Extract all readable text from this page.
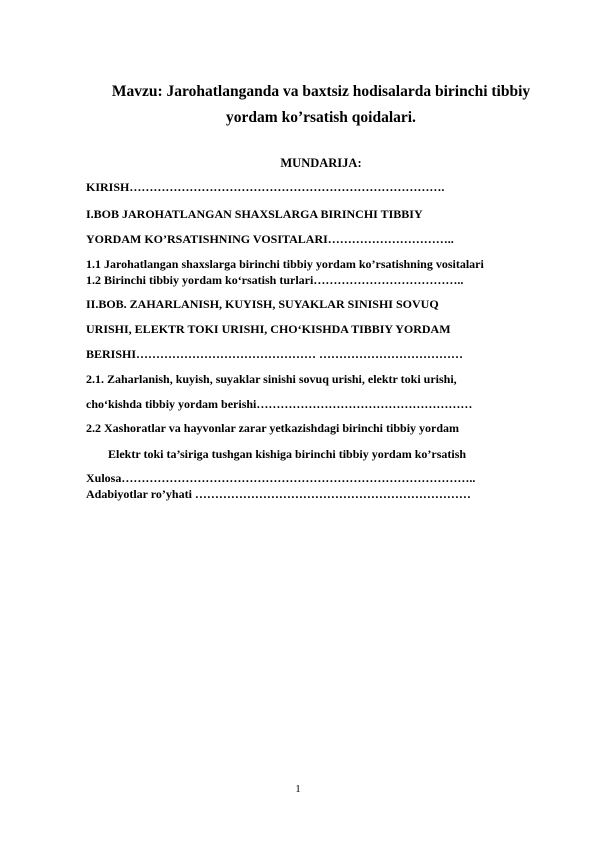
Mavzu: Jarohatlanganda va baxtsiz hodisalarda birinchi tibbiy
yordam ko’rsatish qoidalari.
MUNDARIJA:
KIRISH…………………………………………………………………….
I.BOB JAROHATLANGAN SHAXSLARGA BIRINCHI TIBBIY
YORDAM KO’RSATISHNING VOSITALARI…………………………..
1.1 Jarohatlangan shaxslarga birinchi tibbiy yordam ko’rsatishning vositalari
1.2 Birinchi tibbiy yordam ko‘rsatish turlari………………………………..
II.BOB. ZAHARLANISH, KUYISH, SUYAKLAR SINISHI SOVUQ
URISHI, ELEKTR TOKI URISHI, CHO‘KISHDA TIBBIY YORDAM
BERISHI……………………………………… ………………………………
2.1. Zaharlanish, kuyish, suyaklar sinishi sovuq urishi, elektr toki urishi,
cho‘kishda tibbiy yordam berishi………………………………………………
2.2 Xashoratlar va hayvonlar zarar yetkazishdagi birinchi tibbiy yordam
Elektr toki ta’siriga tushgan kishiga birinchi tibbiy yordam ko’rsatish
Xulosa……………………………………………………………………………..
Adabiyotlar ro’yhati ……………………………………………………………
1
